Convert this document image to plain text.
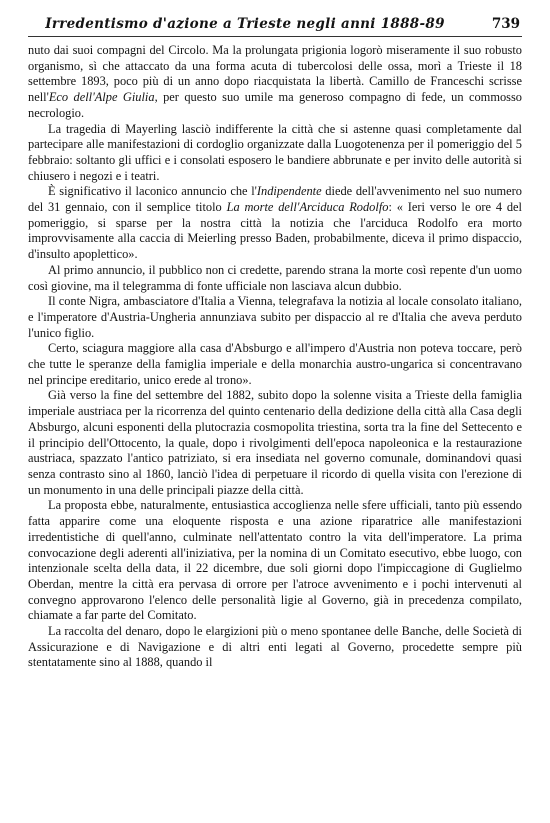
Irredentismo d'azione a Trieste negli anni 1888-89	739

nuto dai suoi compagni del Circolo. Ma la prolungata prigionia logorò miseramente il suo robusto organismo, sì che attaccato da una forma acuta di tubercolosi delle ossa, morì a Trieste il 18 settembre 1893, poco più di un anno dopo riacquistata la libertà. Camillo de Franceschi scrisse nell'Eco dell'Alpe Giulia, per questo suo umile ma generoso compagno di fede, un commosso necrologio.

La tragedia di Mayerling lasciò indifferente la città che si astenne quasi completamente dal partecipare alle manifestazioni di cordoglio organizzate dalla Luogotenenza per il pomeriggio del 5 febbraio: soltanto gli uffici e i consolati esposero le bandiere abbrunate e per invito delle autorità si chiusero i negozi e i teatri.

È significativo il laconico annuncio che l'Indipendente diede dell'avvenimento nel suo numero del 31 gennaio, con il semplice titolo La morte dell'Arciduca Rodolfo: « Ieri verso le ore 4 del pomeriggio, si sparse per la nostra città la notizia che l'arciduca Rodolfo era morto improvvisamente alla caccia di Meierling presso Baden, probabilmente, diceva il primo dispaccio, d'insulto apoplettico».

Al primo annuncio, il pubblico non ci credette, parendo strana la morte così repente d'un uomo così giovine, ma il telegramma di fonte ufficiale non lasciava alcun dubbio.

Il conte Nigra, ambasciatore d'Italia a Vienna, telegrafava la notizia al locale consolato italiano, e l'imperatore d'Austria-Ungheria annunziava subito per dispaccio al re d'Italia che aveva perduto l'unico figlio.

Certo, sciagura maggiore alla casa d'Absburgo e all'impero d'Austria non poteva toccare, però che tutte le speranze della famiglia imperiale e della monarchia austro-ungarica si concentravano nel principe ereditario, unico erede al trono».

Già verso la fine del settembre del 1882, subito dopo la solenne visita a Trieste della famiglia imperiale austriaca per la ricorrenza del quinto centenario della dedizione della città alla Casa degli Absburgo, alcuni esponenti della plutocrazia cosmopolita triestina, sorta tra la fine del Settecento e il principio dell'Ottocento, la quale, dopo i rivolgimenti dell'epoca napoleonica e la restaurazione austriaca, spazzato l'antico patriziato, si era insediata nel governo comunale, dominandovi quasi senza contrasto sino al 1860, lanciò l'idea di perpetuare il ricordo di quella visita con l'erezione di un monumento in una delle principali piazze della città.

La proposta ebbe, naturalmente, entusiastica accoglienza nelle sfere ufficiali, tanto più essendo fatta apparire come una eloquente risposta e una azione riparatrice alle manifestazioni irredentistiche di quell'anno, culminate nell'attentato contro la vita dell'imperatore. La prima convocazione degli aderenti all'iniziativa, per la nomina di un Comitato esecutivo, ebbe luogo, con intenzionale scelta della data, il 22 dicembre, due soli giorni dopo l'impiccagione di Guglielmo Oberdan, mentre la città era pervasa di orrore per l'atroce avvenimento e i pochi intervenuti al convegno approvarono l'elenco delle personalità ligie al Governo, già in precedenza compilato, chiamate a far parte del Comitato.

La raccolta del denaro, dopo le elargizioni più o meno spontanee delle Banche, delle Società di Assicurazione e di Navigazione e di altri enti legati al Governo, procedette sempre più stentatamente sino al 1888, quando il
